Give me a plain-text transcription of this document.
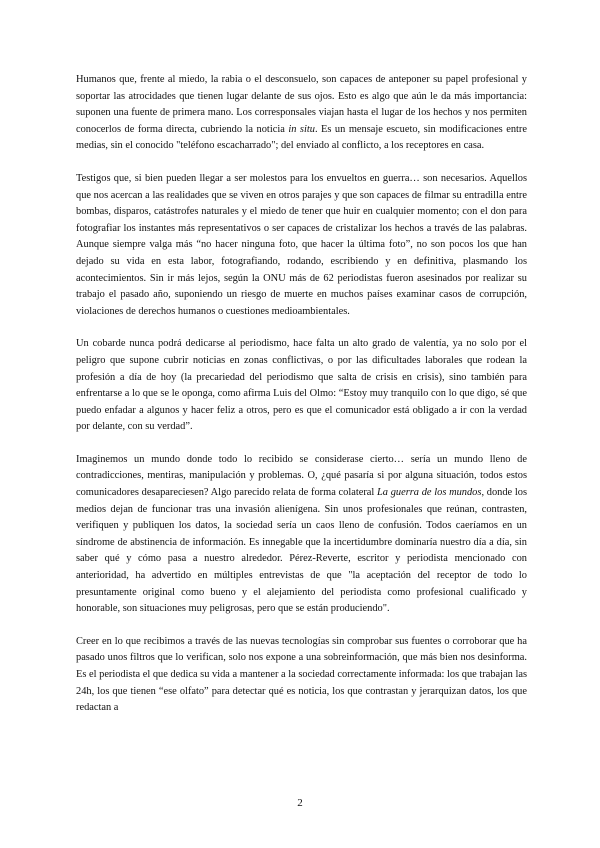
Humanos que, frente al miedo, la rabia o el desconsuelo, son capaces de anteponer su papel profesional y soportar las atrocidades que tienen lugar delante de sus ojos. Esto es algo que aún le da más importancia: suponen una fuente de primera mano. Los corresponsales viajan hasta el lugar de los hechos y nos permiten conocerlos de forma directa, cubriendo la noticia in situ. Es un mensaje escueto, sin modificaciones entre medias, sin el conocido "teléfono escacharrado"; del enviado al conflicto, a los receptores en casa.

Testigos que, si bien pueden llegar a ser molestos para los envueltos en guerra… son necesarios. Aquellos que nos acercan a las realidades que se viven en otros parajes y que son capaces de filmar su entradilla entre bombas, disparos, catástrofes naturales y el miedo de tener que huir en cualquier momento; con el don para fotografiar los instantes más representativos o ser capaces de cristalizar los hechos a través de las palabras. Aunque siempre valga más “no hacer ninguna foto, que hacer la última foto”, no son pocos los que han dejado su vida en esta labor, fotografiando, rodando, escribiendo y en definitiva, plasmando los acontecimientos. Sin ir más lejos, según la ONU más de 62 periodistas fueron asesinados por realizar su trabajo el pasado año, suponiendo un riesgo de muerte en muchos países examinar casos de corrupción, violaciones de derechos humanos o cuestiones medioambientales.

Un cobarde nunca podrá dedicarse al periodismo, hace falta un alto grado de valentía, ya no solo por el peligro que supone cubrir noticias en zonas conflictivas, o por las dificultades laborales que rodean la profesión a día de hoy (la precariedad del periodismo que salta de crisis en crisis), sino también para enfrentarse a lo que se le oponga, como afirma Luis del Olmo: “Estoy muy tranquilo con lo que digo, sé que puedo enfadar a algunos y hacer feliz a otros, pero es que el comunicador está obligado a ir con la verdad por delante, con su verdad”.

Imaginemos un mundo donde todo lo recibido se considerase cierto… sería un mundo lleno de contradicciones, mentiras, manipulación y problemas. O, ¿qué pasaría si por alguna situación, todos estos comunicadores desapareciesen? Algo parecido relata de forma colateral La guerra de los mundos, donde los medios dejan de funcionar tras una invasión alienígena. Sin unos profesionales que reúnan, contrasten, verifiquen y publiquen los datos, la sociedad sería un caos lleno de confusión. Todos caeríamos en un síndrome de abstinencia de información. Es innegable que la incertidumbre dominaría nuestro día a día, sin saber qué y cómo pasa a nuestro alrededor. Pérez-Reverte, escritor y periodista mencionado con anterioridad, ha advertido en múltiples entrevistas de que "la aceptación del receptor de todo lo presuntamente original como bueno y el alejamiento del periodista como profesional cualificado y honorable, son situaciones muy peligrosas, pero que se están produciendo".

Creer en lo que recibimos a través de las nuevas tecnologías sin comprobar sus fuentes o corroborar que ha pasado unos filtros que lo verifican, solo nos expone a una sobreinformación, que más bien nos desinforma. Es el periodista el que dedica su vida a mantener a la sociedad correctamente informada: los que trabajan las 24h, los que tienen “ese olfato” para detectar qué es noticia, los que contrastan y jerarquizan datos, los que redactan a

2
